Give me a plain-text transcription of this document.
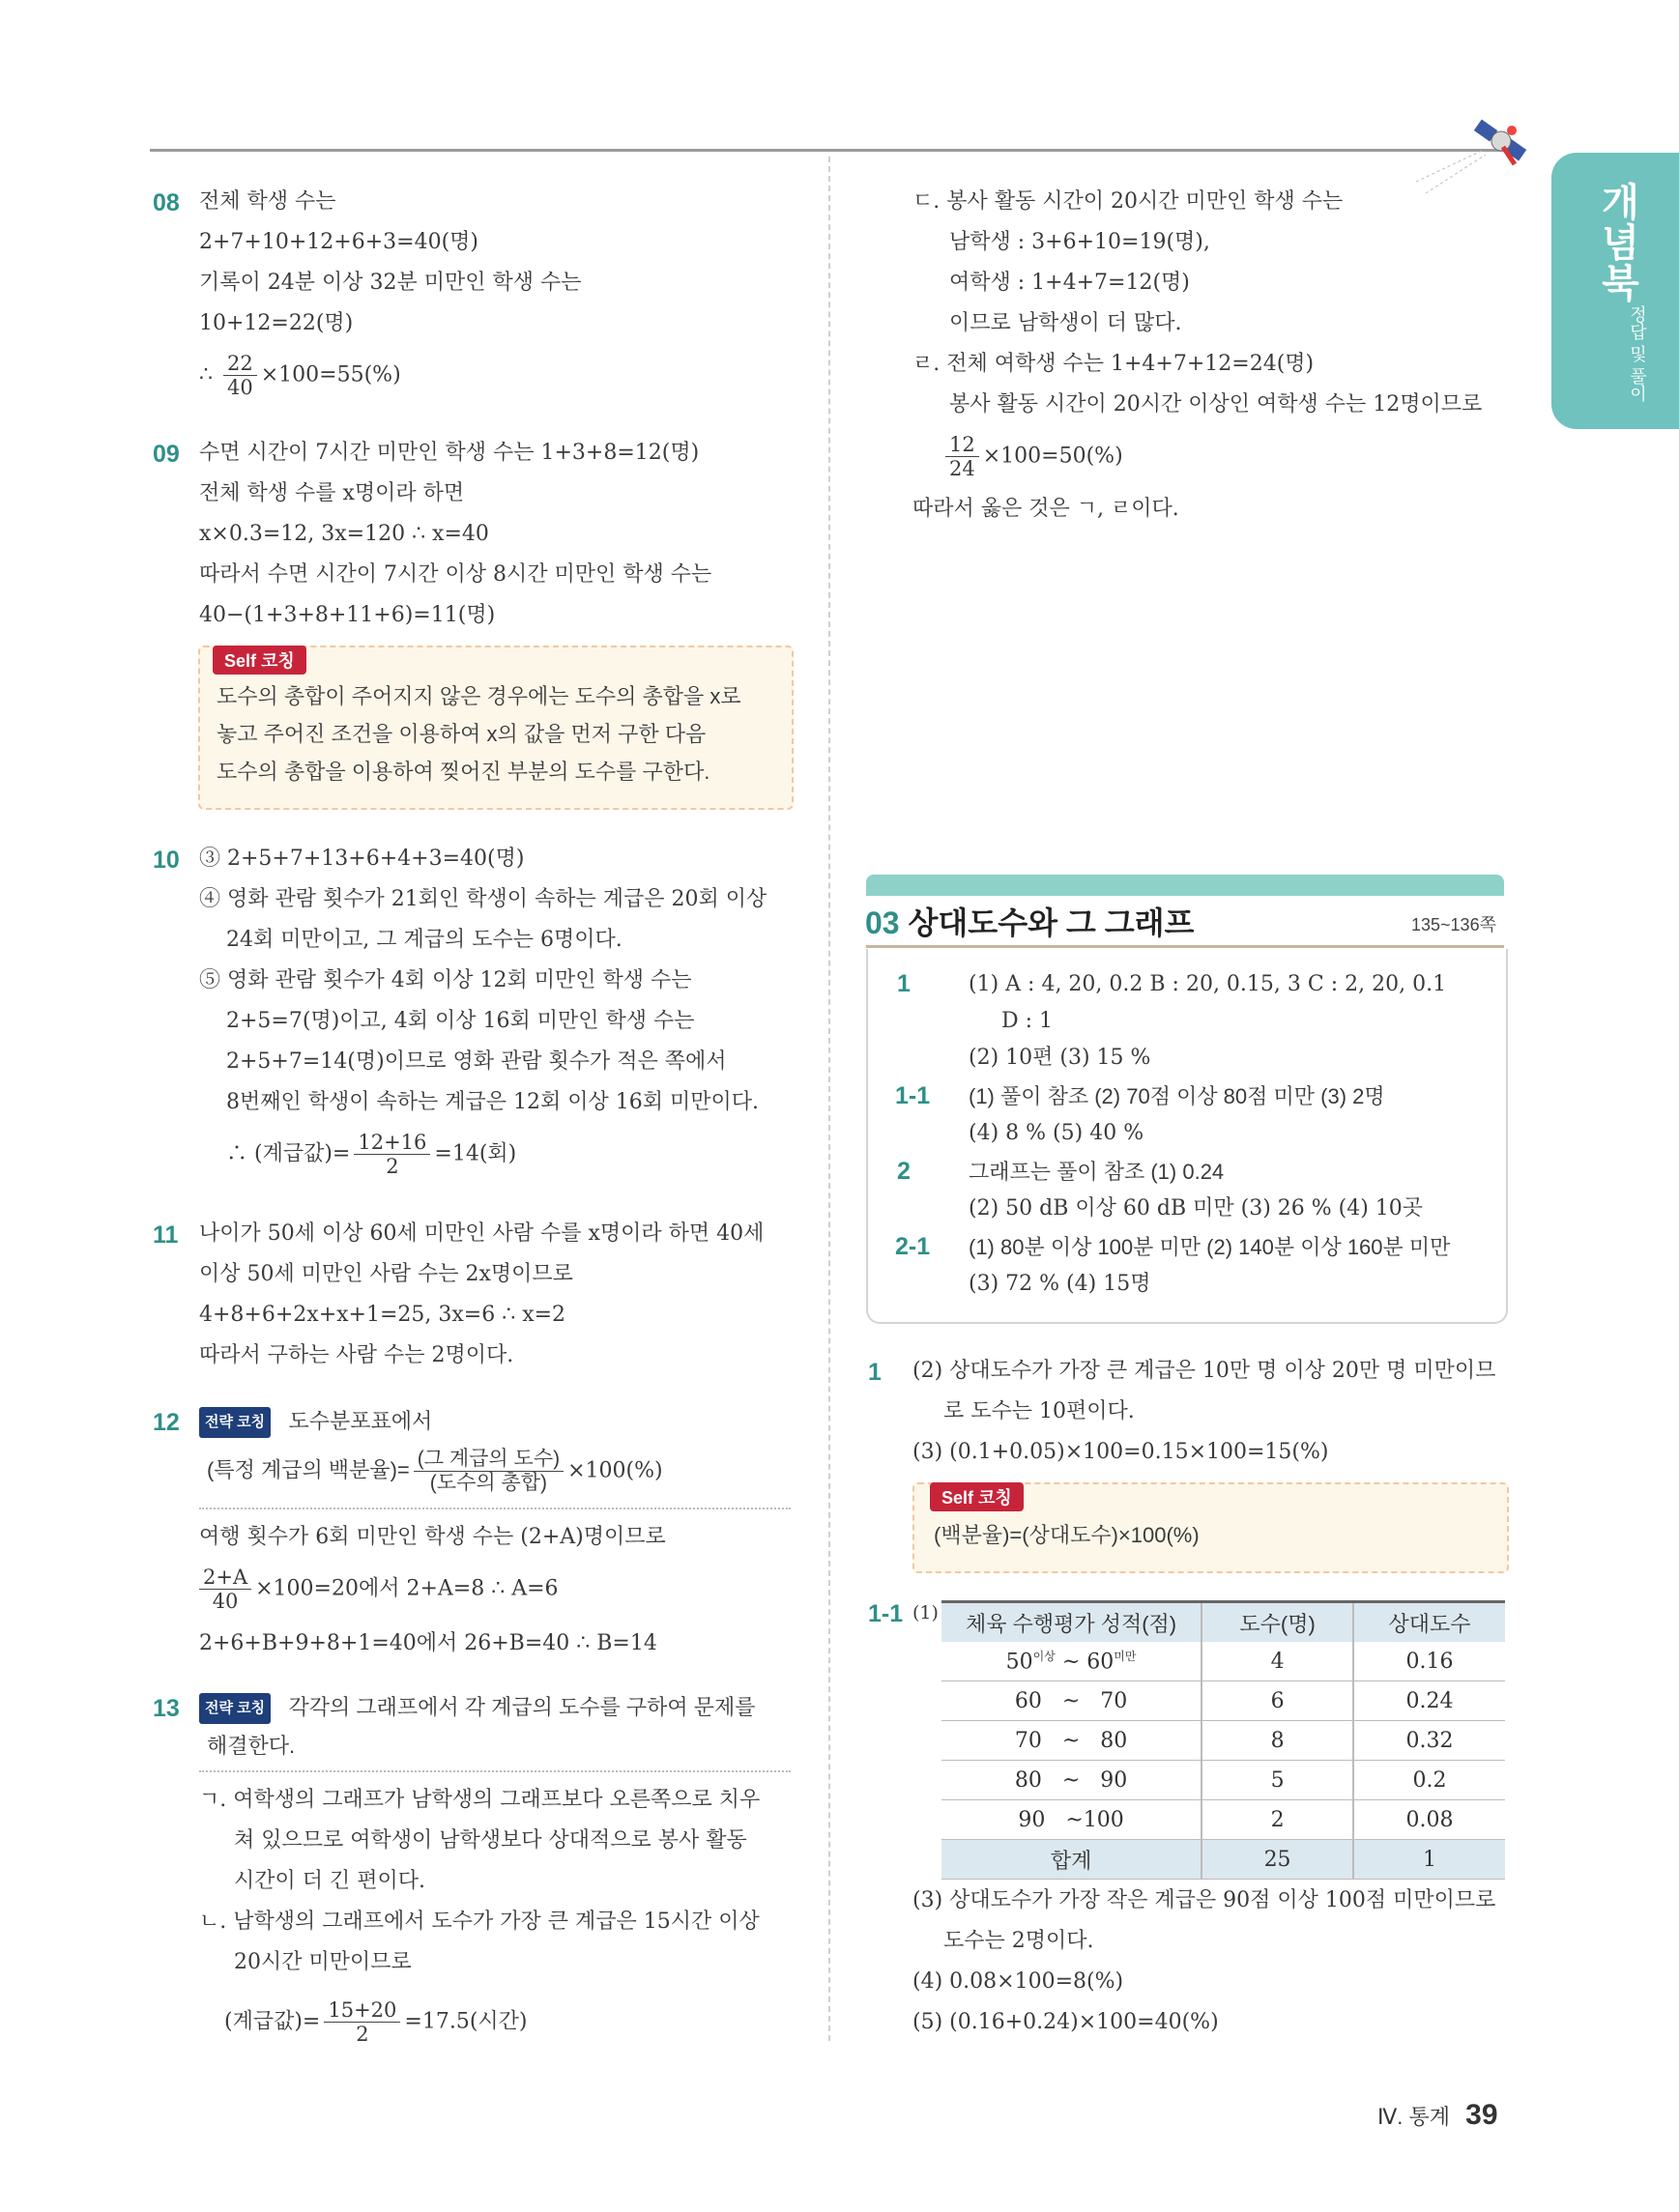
개념북
정답 및 풀이
08 전체 학생 수는
2+7+10+12+6+3=40(명)
기록이 24분 이상 32분 미만인 학생 수는
10+12=22(명)
∴ $\frac{22}{40} \times 100=55(\%)$
09 수면 시간이 7시간 미만인 학생 수는 1+3+8=12(명)
전체 학생 수를 x명이라 하면
x×0.3=12, 3x=120 ∴ x=40
따라서 수면 시간이 7시간 이상 8시간 미만인 학생 수는
40−(1+3+8+11+6)=11(명)
Self 코칭
도수의 총합이 주어지지 않은 경우에는 도수의 총합을 x로
놓고 주어진 조건을 이용하여 x의 값을 먼저 구한 다음
도수의 총합을 이용하여 찢어진 부분의 도수를 구한다.
10 ③ 2+5+7+13+6+4+3=40(명)
④ 영화 관람 횟수가 21회인 학생이 속하는 계급은 20회 이상
24회 미만이고, 그 계급의 도수는 6명이다.
⑤ 영화 관람 횟수가 4회 이상 12회 미만인 학생 수는
2+5=7(명)이고, 4회 이상 16회 미만인 학생 수는
2+5+7=14(명)이므로 영화 관람 횟수가 적은 쪽에서
8번째인 학생이 속하는 계급은 12회 이상 16회 미만이다.
∴ (계급값)= $\frac{12+16}{2} =14$(회)
11 나이가 50세 이상 60세 미만인 사람 수를 x명이라 하면 40세
이상 50세 미만인 사람 수는 2x명이므로
4+8+6+2x+x+1=25, 3x=6 ∴ x=2
따라서 구하는 사람 수는 2명이다.
12	전략 코칭 도수분포표에서
(특정 계급의 백분율)= $\frac{\text{(그 계급의 도수)}}{\text{(도수의 총합)}} \times 100(\%)$
여행 횟수가 6회 미만인 학생 수는 (2+A)명이므로
$\frac{2+A}{40} \times 100=20$에서 2+A=8 ∴ A=6
2+6+B+9+8+1=40에서 26+B=40 ∴ B=14
13	전략 코칭 각각의 그래프에서 각 계급의 도수를 구하여 문제를
해결한다.
ㄱ. 여학생의 그래프가 남학생의 그래프보다 오른쪽으로 치우
쳐 있으므로 여학생이 남학생보다 상대적으로 봉사 활동
시간이 더 긴 편이다.
ㄴ. 남학생의 그래프에서 도수가 가장 큰 계급은 15시간 이상
20시간 미만이므로
(계급값)= $\frac{15+20}{2} =17.5$(시간)
ㄷ. 봉사 활동 시간이 20시간 미만인 학생 수는
남학생 : 3+6+10=19(명),
여학생 : 1+4+7=12(명)
이므로 남학생이 더 많다.
ㄹ. 전체 여학생 수는 1+4+7+12=24(명)
봉사 활동 시간이 20시간 이상인 여학생 수는 12명이므로
$\frac{12}{24} \times 100=50(\%)$
따라서 옳은 것은 ㄱ, ㄹ이다.
03 상대도수와 그 그래프	135~136쪽
1	(1) A : 4, 20, 0.2 B : 20, 0.15, 3 C : 2, 20, 0.1
D : 1
(2) 10편 (3) 15 %
1-1 (1) 풀이 참조 (2) 70점 이상 80점 미만 (3) 2명
(4) 8 % (5) 40 %
2	그래프는 풀이 참조 (1) 0.24
(2) 50 dB 이상 60 dB 미만 (3) 26 % (4) 10곳
2-1 (1) 80분 이상 100분 미만 (2) 140분 이상 160분 미만
(3) 72 % (4) 15명
1 (2) 상대도수가 가장 큰 계급은 10만 명 이상 20만 명 미만이므
로 도수는 10편이다.
(3) (0.1+0.05)×100=0.15×100=15(%)
Self 코칭
(백분율)=(상대도수)×100(%)
1-1 (1) 체육 수행평가 성적(점)	도수(명)	상대도수
$50^{이상}$ ~ $60^{미만}$	4	0.16
60 ~ 70	6	0.24
70 ~ 80	8	0.32
80 ~ 90	5	0.2
90 ~100	2	0.08
합계	25	1
(3) 상대도수가 가장 작은 계급은 90점 이상 100점 미만이므로
도수는 2명이다.
(4) 0.08×100=8(%)
(5) (0.16+0.24)×100=40(%)
Ⅳ. 통계 39
